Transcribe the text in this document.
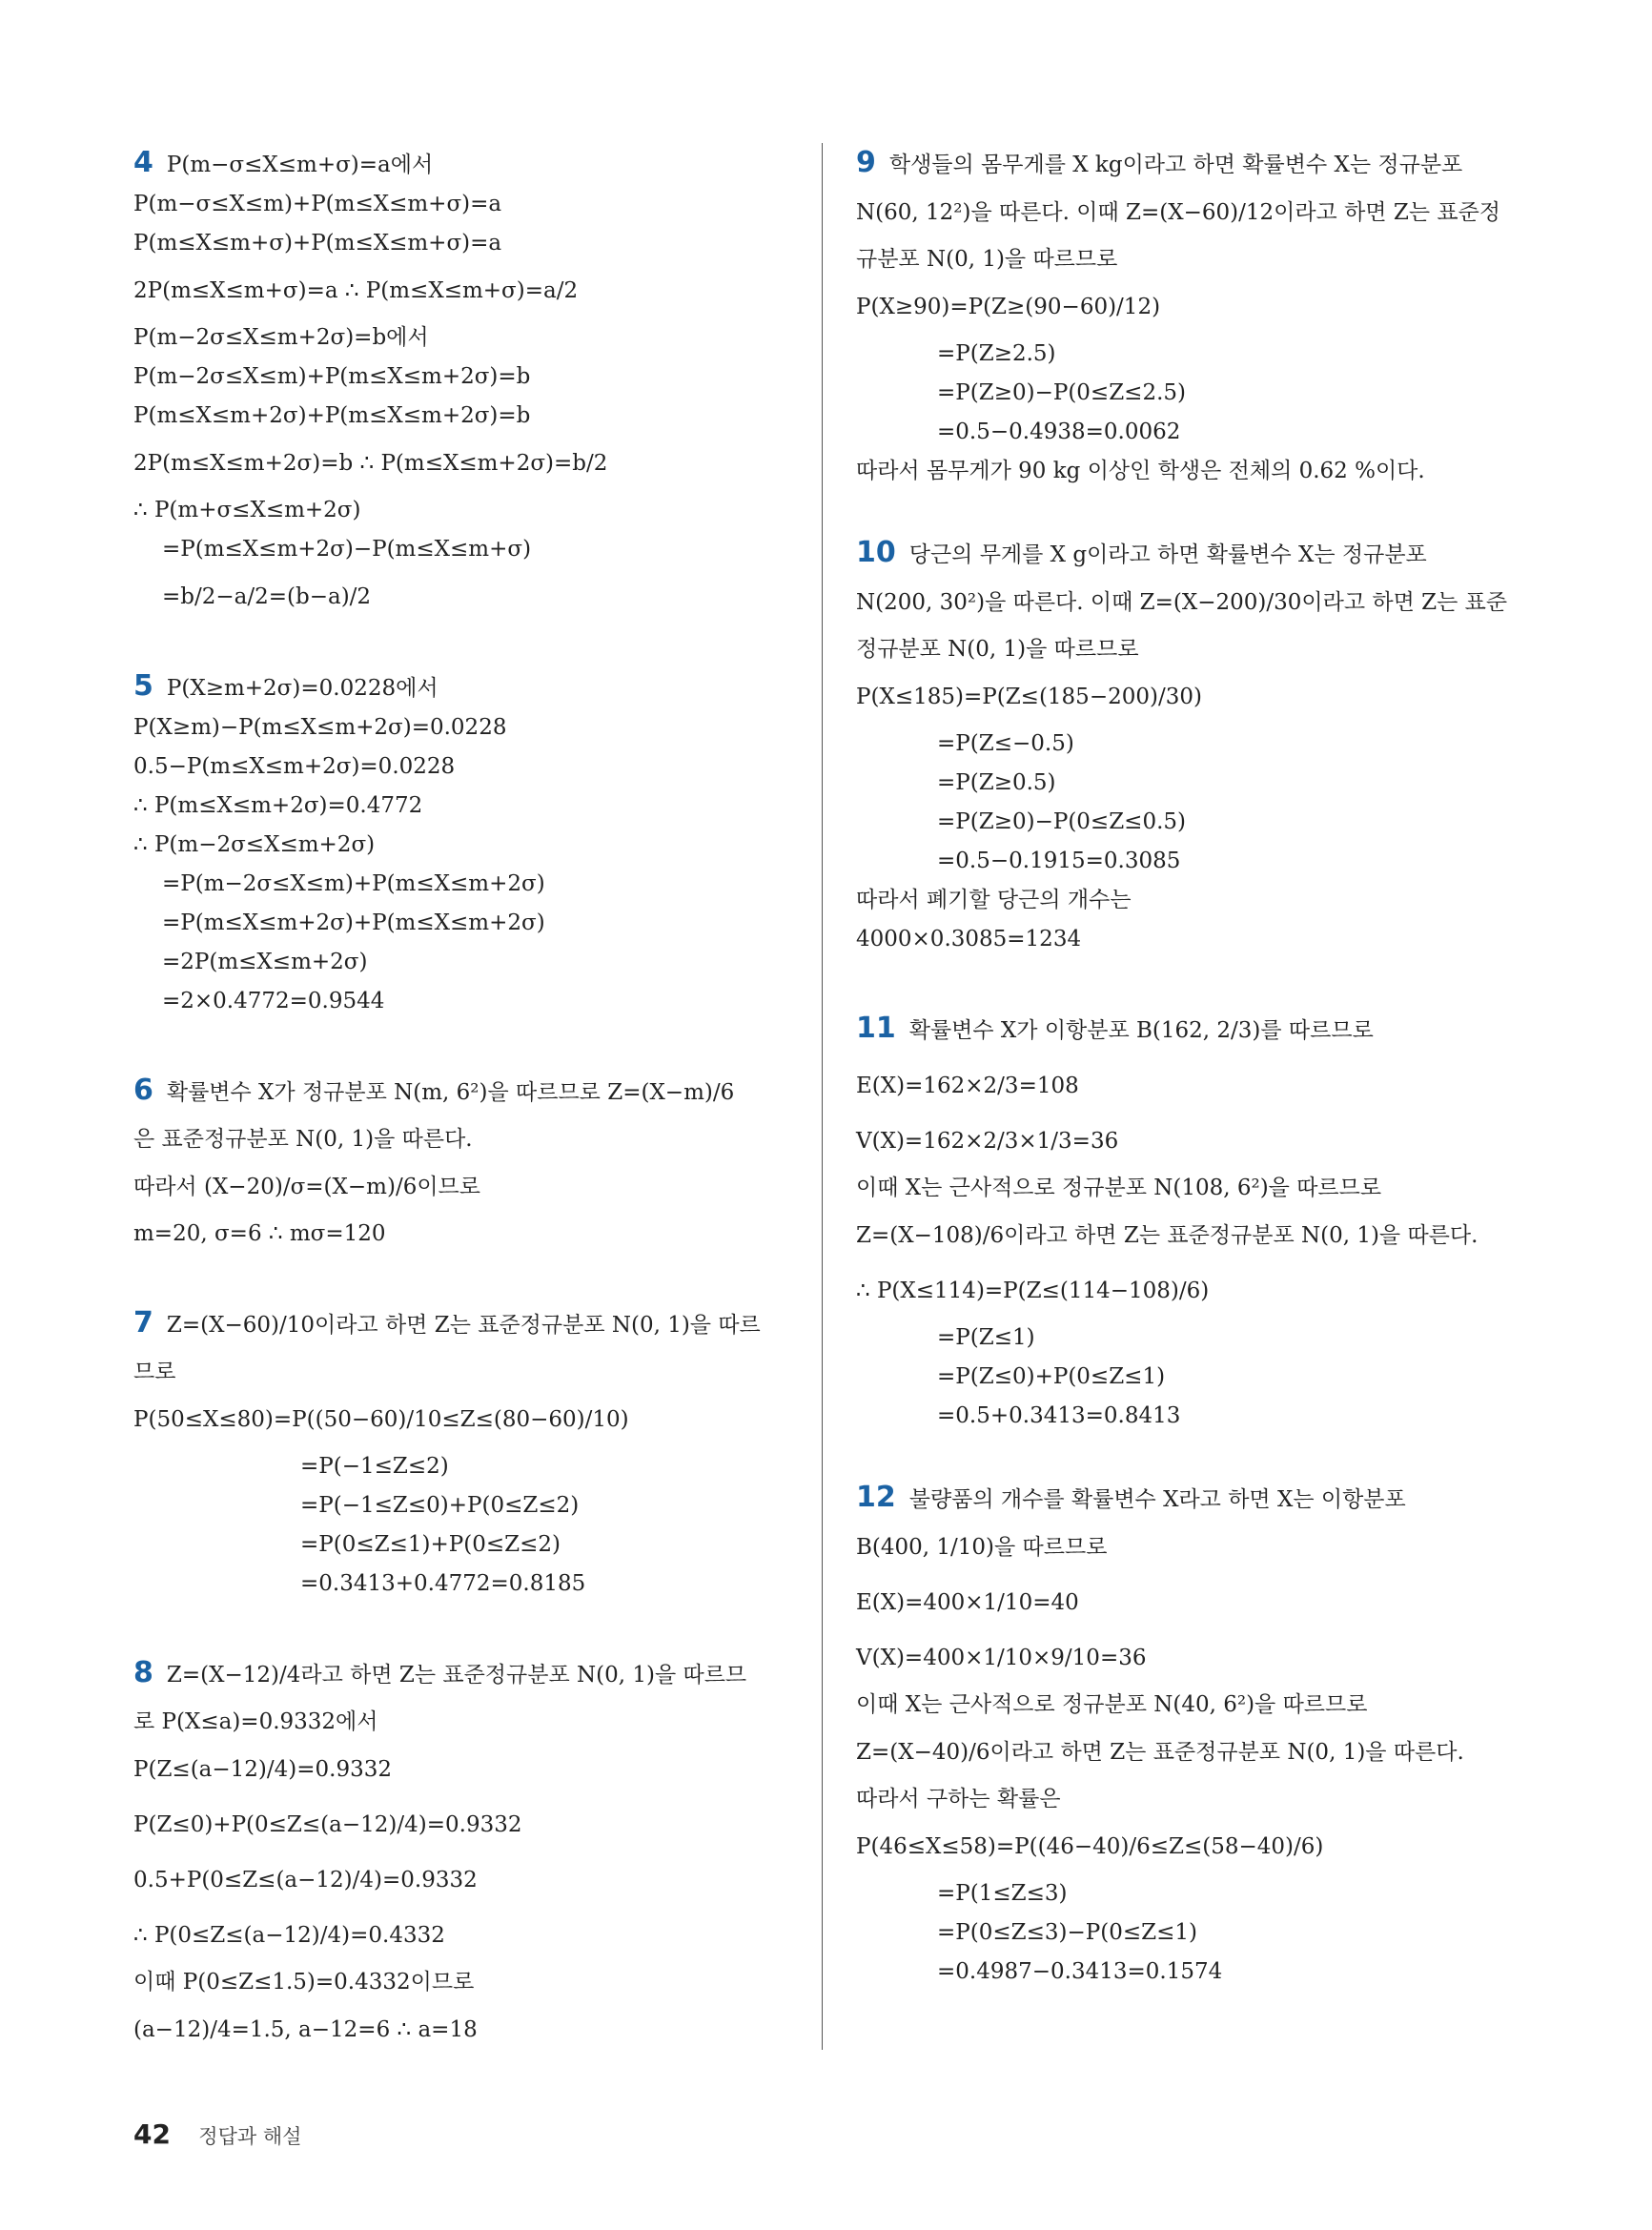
4 P(m−σ≤X≤m+σ)=a에서
P(m−σ≤X≤m)+P(m≤X≤m+σ)=a
P(m≤X≤m+σ)+P(m≤X≤m+σ)=a
2P(m≤X≤m+σ)=a ∴ P(m≤X≤m+σ)=a/2
P(m−2σ≤X≤m+2σ)=b에서
P(m−2σ≤X≤m)+P(m≤X≤m+2σ)=b
P(m≤X≤m+2σ)+P(m≤X≤m+2σ)=b
2P(m≤X≤m+2σ)=b ∴ P(m≤X≤m+2σ)=b/2
∴ P(m+σ≤X≤m+2σ)
=P(m≤X≤m+2σ)−P(m≤X≤m+σ)
=b/2−a/2=(b−a)/2
5 P(X≥m+2σ)=0.0228에서
P(X≥m)−P(m≤X≤m+2σ)=0.0228
0.5−P(m≤X≤m+2σ)=0.0228
∴ P(m≤X≤m+2σ)=0.4772
∴ P(m−2σ≤X≤m+2σ)
=P(m−2σ≤X≤m)+P(m≤X≤m+2σ)
=P(m≤X≤m+2σ)+P(m≤X≤m+2σ)
=2P(m≤X≤m+2σ)
=2×0.4772=0.9544
6 확률변수 X가 정규분포 N(m, 6²)을 따르므로 Z=(X−m)/6
은 표준정규분포 N(0, 1)을 따른다.
따라서 (X−20)/σ=(X−m)/6이므로
m=20, σ=6 ∴ mσ=120
7 Z=(X−60)/10이라고 하면 Z는 표준정규분포 N(0, 1)을 따르
므로
P(50≤X≤80)=P((50−60)/10≤Z≤(80−60)/10)
=P(−1≤Z≤2)
=P(−1≤Z≤0)+P(0≤Z≤2)
=P(0≤Z≤1)+P(0≤Z≤2)
=0.3413+0.4772=0.8185
8 Z=(X−12)/4라고 하면 Z는 표준정규분포 N(0, 1)을 따르므
로 P(X≤a)=0.9332에서
P(Z≤(a−12)/4)=0.9332
P(Z≤0)+P(0≤Z≤(a−12)/4)=0.9332
0.5+P(0≤Z≤(a−12)/4)=0.9332
∴ P(0≤Z≤(a−12)/4)=0.4332
이때 P(0≤Z≤1.5)=0.4332이므로
(a−12)/4=1.5, a−12=6 ∴ a=18
9 학생들의 몸무게를 X kg이라고 하면 확률변수 X는 정규분포
N(60, 12²)을 따른다. 이때 Z=(X−60)/12이라고 하면 Z는 표준정
규분포 N(0, 1)을 따르므로
P(X≥90)=P(Z≥(90−60)/12)
=P(Z≥2.5)
=P(Z≥0)−P(0≤Z≤2.5)
=0.5−0.4938=0.0062
따라서 몸무게가 90 kg 이상인 학생은 전체의 0.62 %이다.
10 당근의 무게를 X g이라고 하면 확률변수 X는 정규분포
N(200, 30²)을 따른다. 이때 Z=(X−200)/30이라고 하면 Z는 표준
정규분포 N(0, 1)을 따르므로
P(X≤185)=P(Z≤(185−200)/30)
=P(Z≤−0.5)
=P(Z≥0.5)
=P(Z≥0)−P(0≤Z≤0.5)
=0.5−0.1915=0.3085
따라서 폐기할 당근의 개수는
4000×0.3085=1234
11 확률변수 X가 이항분포 B(162, 2/3)를 따르므로
E(X)=162×2/3=108
V(X)=162×2/3×1/3=36
이때 X는 근사적으로 정규분포 N(108, 6²)을 따르므로
Z=(X−108)/6이라고 하면 Z는 표준정규분포 N(0, 1)을 따른다.
∴ P(X≤114)=P(Z≤(114−108)/6)
=P(Z≤1)
=P(Z≤0)+P(0≤Z≤1)
=0.5+0.3413=0.8413
12 불량품의 개수를 확률변수 X라고 하면 X는 이항분포
B(400, 1/10)을 따르므로
E(X)=400×1/10=40
V(X)=400×1/10×9/10=36
이때 X는 근사적으로 정규분포 N(40, 6²)을 따르므로
Z=(X−40)/6이라고 하면 Z는 표준정규분포 N(0, 1)을 따른다.
따라서 구하는 확률은
P(46≤X≤58)=P((46−40)/6≤Z≤(58−40)/6)
=P(1≤Z≤3)
=P(0≤Z≤3)−P(0≤Z≤1)
=0.4987−0.3413=0.1574
42 정답과 해설
